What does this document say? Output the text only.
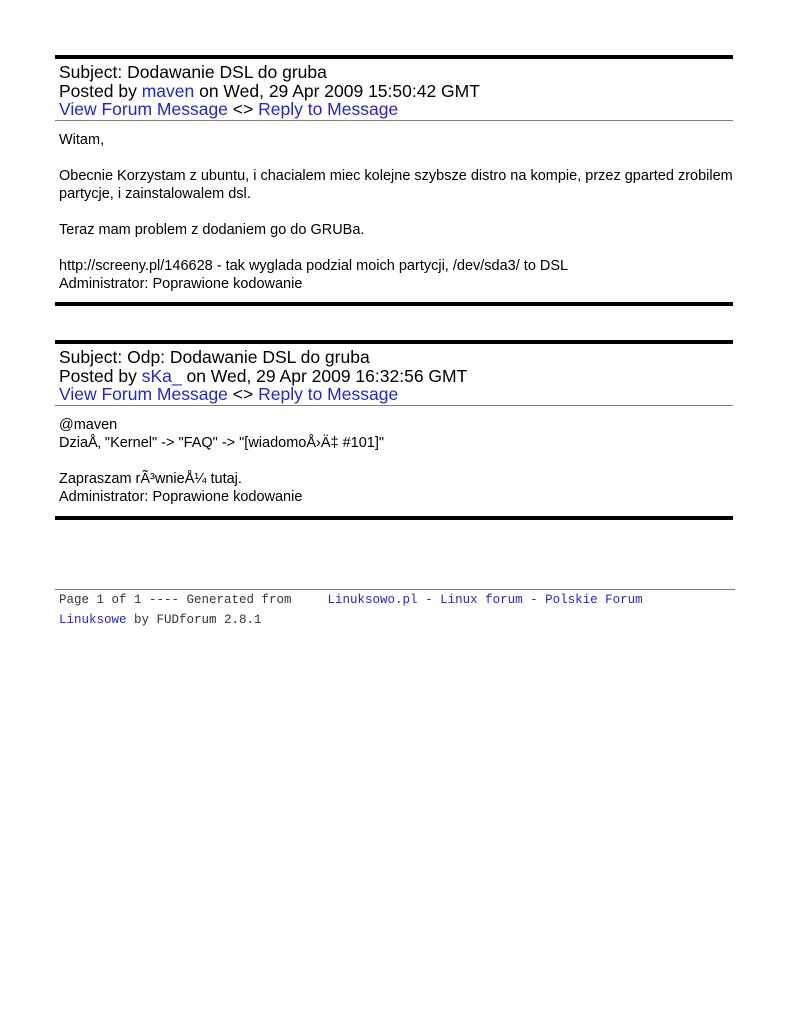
Subject: Dodawanie DSL do gruba
Posted by maven on Wed, 29 Apr 2009 15:50:42 GMT
View Forum Message <> Reply to Message

Witam,

Obecnie Korzystam z ubuntu, i chacialem miec kolejne szybsze distro na kompie, przez gparted zrobilem partycje, i zainstalowalem dsl.

Teraz mam problem z dodaniem go do GRUBa.

http://screeny.pl/146628 - tak wyglada podzial moich partycji, /dev/sda3/ to DSL

Administrator: Poprawione kodowanie

Subject: Odp: Dodawanie DSL do gruba
Posted by sKa_ on Wed, 29 Apr 2009 16:32:56 GMT
View Forum Message <> Reply to Message

@maven

DziaÅ‚ "Kernel" -> "FAQ" -> "[wiadomoÅ›Ä‡ #101]"

Zapraszam rÃ³wnieÅ¼ tutaj.

Administrator: Poprawione kodowanie

Page 1 of 1 ---- Generated from	Linuksowo.pl - Linux forum - Polskie Forum
Linuksowe by FUDforum 2.8.1
